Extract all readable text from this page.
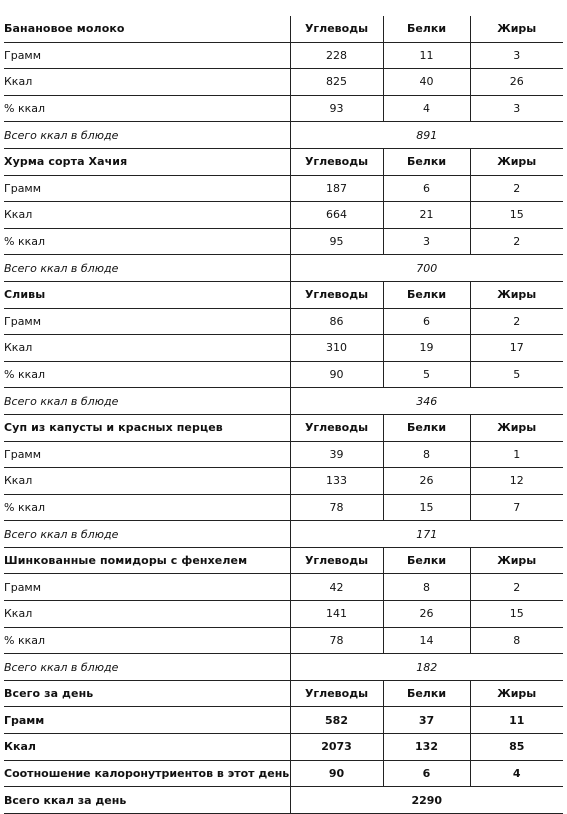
Банановое молоко	Углеводы	Белки	Жиры
Грамм	228	11	3
Ккал	825	40	26
% ккал	93	4	3
Всего ккал в блюде	891		
Хурма сорта Хачия	Углеводы	Белки	Жиры
Грамм	187	6	2
Ккал	664	21	15
% ккал	95	3	2
Всего ккал в блюде	700		
Сливы	Углеводы	Белки	Жиры
Грамм	86	6	2
Ккал	310	19	17
% ккал	90	5	5
Всего ккал в блюде	346		
Суп из капусты и красных перцев	Углеводы	Белки	Жиры
Грамм	39	8	1
Ккал	133	26	12
% ккал	78	15	7
Всего ккал в блюде	171		
Шинкованные помидоры с фенхелем	Углеводы	Белки	Жиры
Грамм	42	8	2
Ккал	141	26	15
% ккал	78	14	8
Всего ккал в блюде	182		
Всего за день	Углеводы	Белки	Жиры
Грамм	582	37	11
Ккал	2073	132	85
Соотношение калоронутриентов в этот день	90	6	4
Всего ккал за день	2290		
